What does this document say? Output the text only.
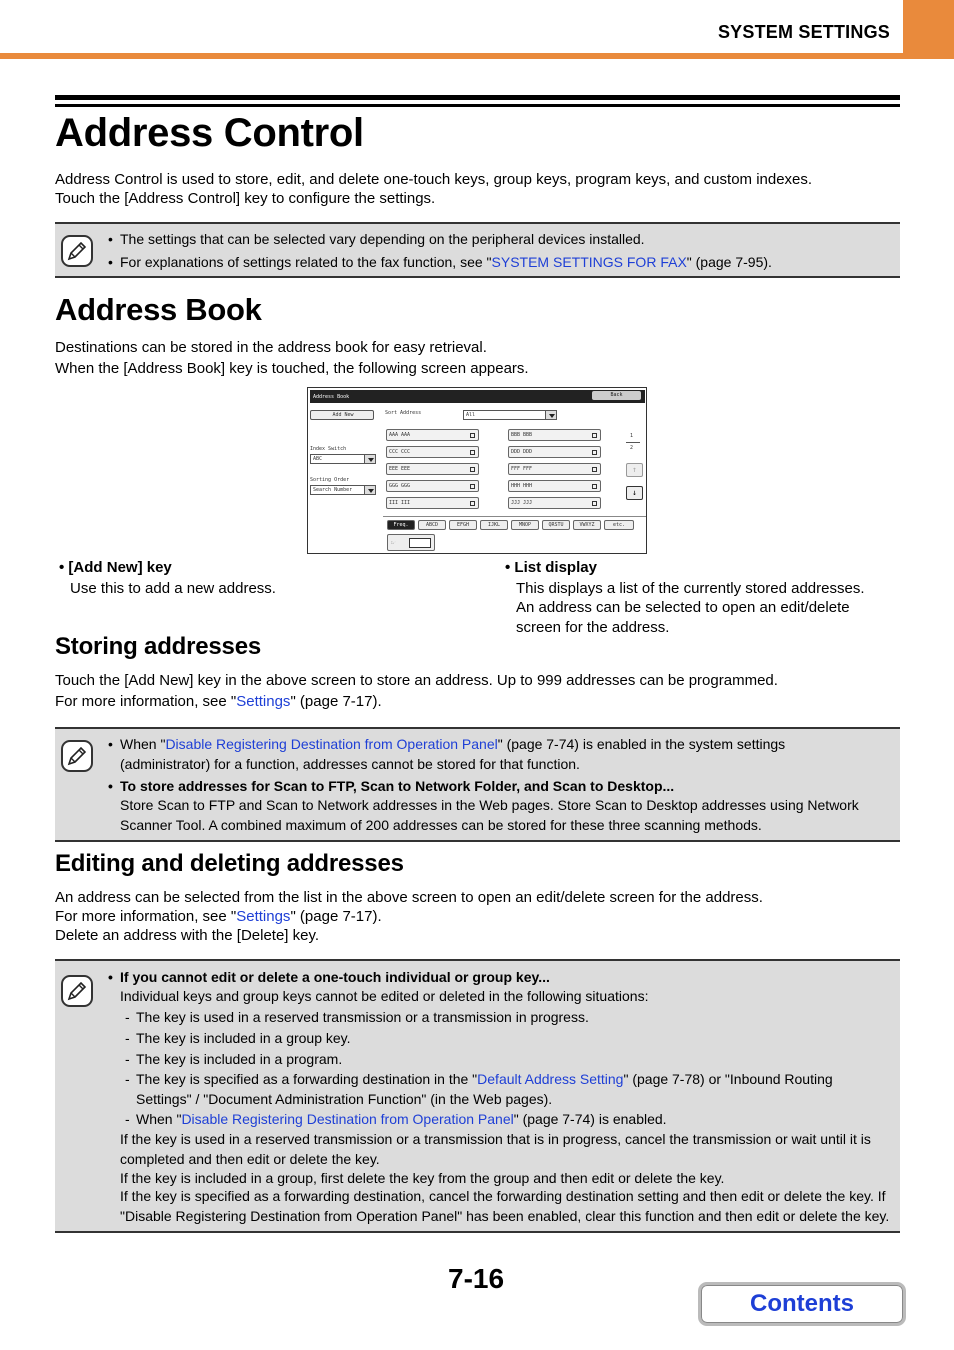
SYSTEM SETTINGS
Address Control
Address Control is used to store, edit, and delete one-touch keys, group keys, program keys, and custom indexes.
Touch the [Address Control] key to configure the settings.
• The settings that can be selected vary depending on the peripheral devices installed.
• For explanations of settings related to the fax function, see "SYSTEM SETTINGS FOR FAX" (page 7-95).
Address Book
Destinations can be stored in the address book for easy retrieval.
When the [Address Book] key is touched, the following screen appears.
Address Book	Back
Add New	Sort Address	All
Index Switch
ABC
Sorting Order
Search Number
AAA AAA	BBB BBB
CCC CCC	DDD DDD
EEE EEE	FFF FFF
GGG GGG	HHH HHH
III III	JJJ JJJ
1
2
↑
↓
Freq.	ABCD	EFGH	IJKL	MNOP	QRSTU	VWXYZ	etc.
☞
• [Add New] key
Use this to add a new address.
• List display
This displays a list of the currently stored addresses.
An address can be selected to open an edit/delete
screen for the address.
Storing addresses
Touch the [Add New] key in the above screen to store an address. Up to 999 addresses can be programmed.
For more information, see "Settings" (page 7-17).
• When "Disable Registering Destination from Operation Panel" (page 7-74) is enabled in the system settings
(administrator) for a function, addresses cannot be stored for that function.
• To store addresses for Scan to FTP, Scan to Network Folder, and Scan to Desktop...
Store Scan to FTP and Scan to Network addresses in the Web pages. Store Scan to Desktop addresses using Network
Scanner Tool. A combined maximum of 200 addresses can be stored for these three scanning methods.
Editing and deleting addresses
An address can be selected from the list in the above screen to open an edit/delete screen for the address.
For more information, see "Settings" (page 7-17).
Delete an address with the [Delete] key.
• If you cannot edit or delete a one-touch individual or group key...
Individual keys and group keys cannot be edited or deleted in the following situations:
- The key is used in a reserved transmission or a transmission in progress.
- The key is included in a group key.
- The key is included in a program.
- The key is specified as a forwarding destination in the "Default Address Setting" (page 7-78) or "Inbound Routing
Settings" / "Document Administration Function" (in the Web pages).
- When "Disable Registering Destination from Operation Panel" (page 7-74) is enabled.
If the key is used in a reserved transmission or a transmission that is in progress, cancel the transmission or wait until it is
completed and then edit or delete the key.
If the key is included in a group, first delete the key from the group and then edit or delete the key.
If the key is specified as a forwarding destination, cancel the forwarding destination setting and then edit or delete the key. If
"Disable Registering Destination from Operation Panel" has been enabled, clear this function and then edit or delete the key.
7-16
Contents
